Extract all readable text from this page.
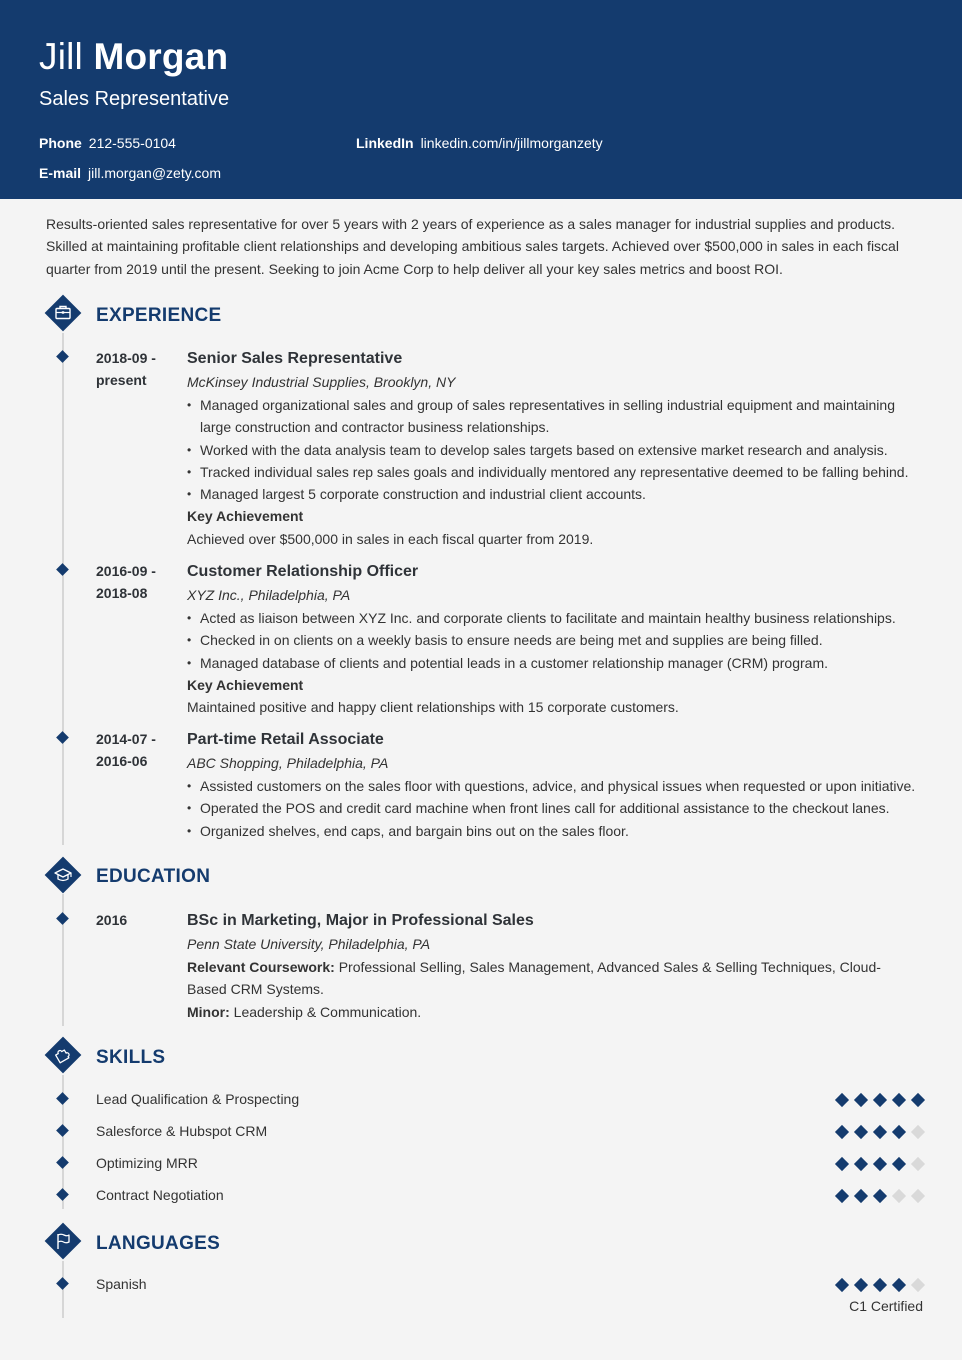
Jill Morgan
Sales Representative
Phone 212-555-0104	LinkedIn linkedin.com/in/jillmorganzety
E-mail jill.morgan@zety.com
Results-oriented sales representative for over 5 years with 2 years of experience as a sales manager for industrial supplies and products. Skilled at maintaining profitable client relationships and developing ambitious sales targets. Achieved over $500,000 in sales in each fiscal quarter from 2019 until the present. Seeking to join Acme Corp to help deliver all your key sales metrics and boost ROI.
EXPERIENCE
2018-09 -
present
Senior Sales Representative
McKinsey Industrial Supplies, Brooklyn, NY
• Managed organizational sales and group of sales representatives in selling industrial equipment and maintaining large construction and contractor business relationships.
• Worked with the data analysis team to develop sales targets based on extensive market research and analysis.
• Tracked individual sales rep sales goals and individually mentored any representative deemed to be falling behind.
• Managed largest 5 corporate construction and industrial client accounts.
Key Achievement
Achieved over $500,000 in sales in each fiscal quarter from 2019.
2016-09 -
2018-08
Customer Relationship Officer
XYZ Inc., Philadelphia, PA
• Acted as liaison between XYZ Inc. and corporate clients to facilitate and maintain healthy business relationships.
• Checked in on clients on a weekly basis to ensure needs are being met and supplies are being filled.
• Managed database of clients and potential leads in a customer relationship manager (CRM) program.
Key Achievement
Maintained positive and happy client relationships with 15 corporate customers.
2014-07 -
2016-06
Part-time Retail Associate
ABC Shopping, Philadelphia, PA
• Assisted customers on the sales floor with questions, advice, and physical issues when requested or upon initiative.
• Operated the POS and credit card machine when front lines call for additional assistance to the checkout lanes.
• Organized shelves, end caps, and bargain bins out on the sales floor.
EDUCATION
2016	BSc in Marketing, Major in Professional Sales
Penn State University, Philadelphia, PA
Relevant Coursework: Professional Selling, Sales Management, Advanced Sales & Selling Techniques, Cloud-Based CRM Systems.
Minor: Leadership & Communication.
SKILLS
Lead Qualification & Prospecting
Salesforce & Hubspot CRM
Optimizing MRR
Contract Negotiation
LANGUAGES
Spanish
C1 Certified
